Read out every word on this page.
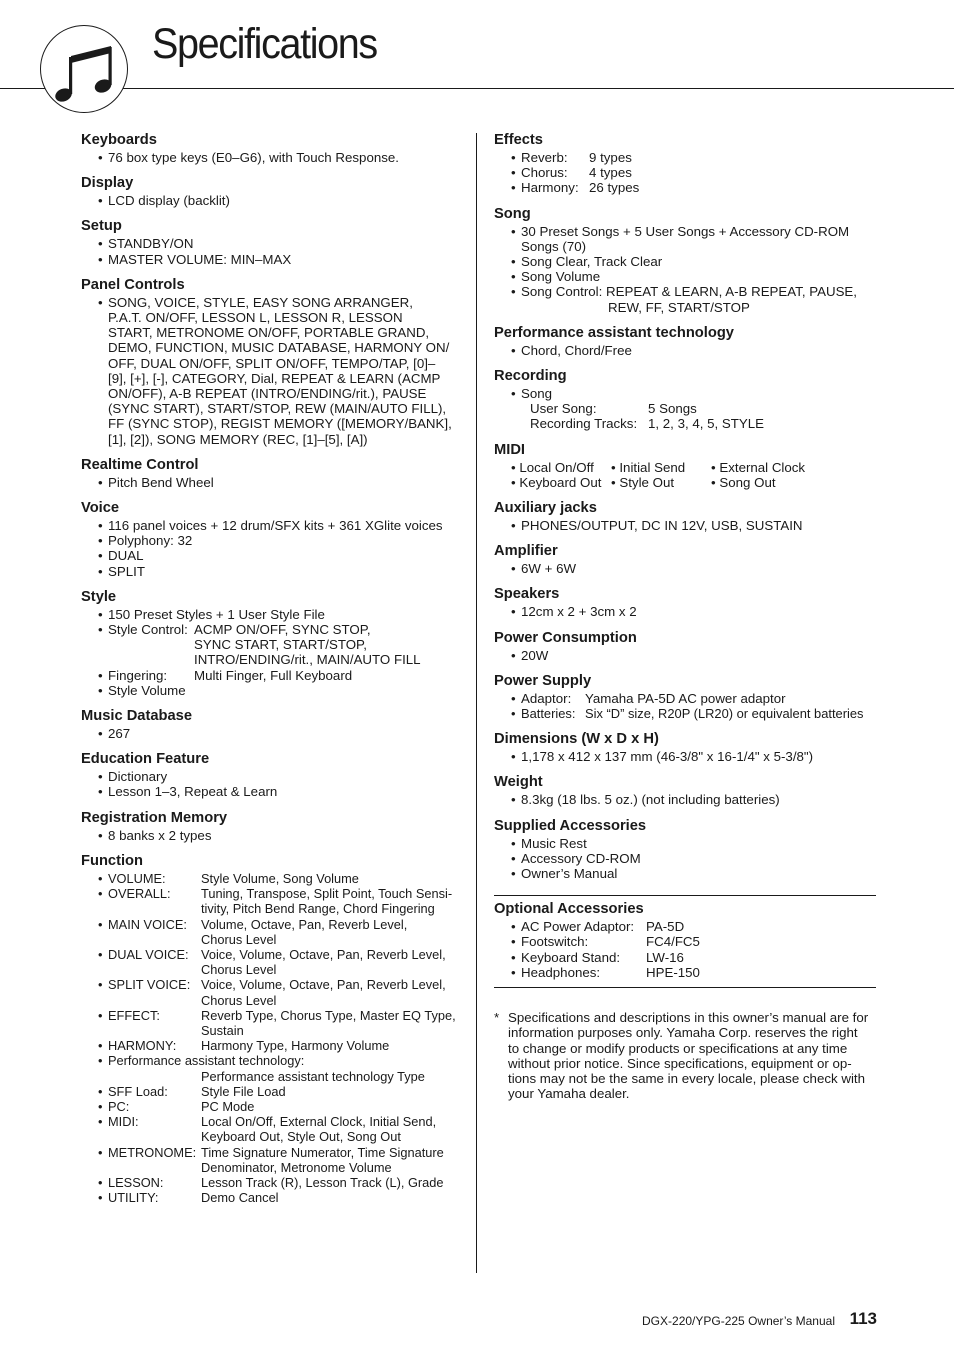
Specifications
Keyboards
•
76 box type keys (E0–G6), with Touch Response.
Display
•
LCD display (backlit)
Setup
•
STANDBY/ON
•
MASTER VOLUME: MIN–MAX
Panel Controls
•
SONG, VOICE, STYLE, EASY SONG ARRANGER,
P.A.T. ON/OFF, LESSON L, LESSON R, LESSON
START, METRONOME ON/OFF, PORTABLE GRAND,
DEMO, FUNCTION, MUSIC DATABASE, HARMONY ON/
OFF, DUAL ON/OFF, SPLIT ON/OFF, TEMPO/TAP, [0]–
[9], [+], [-], CATEGORY, Dial, REPEAT & LEARN (ACMP
ON/OFF), A-B REPEAT (INTRO/ENDING/rit.), PAUSE
(SYNC START), START/STOP, REW (MAIN/AUTO FILL),
FF (SYNC STOP), REGIST MEMORY ([MEMORY/BANK],
[1], [2]), SONG MEMORY (REC, [1]–[5], [A])
Realtime Control
•
Pitch Bend Wheel
Voice
•
116 panel voices + 12 drum/SFX kits + 361 XGlite voices
•
Polyphony: 32
•
DUAL
•
SPLIT
Style
•
150 Preset Styles + 1 User Style File
•
Style Control: ACMP ON/OFF, SYNC STOP,
SYNC START, START/STOP,
INTRO/ENDING/rit., MAIN/AUTO FILL
•
Fingering:	Multi Finger, Full Keyboard
•
Style Volume
Music Database
•
267
Education Feature
•
Dictionary
•
Lesson 1–3, Repeat & Learn
Registration Memory
•
8 banks x 2 types
Function
•
VOLUME:	Style Volume, Song Volume
•
OVERALL:	Tuning, Transpose, Split Point, Touch Sensi-
tivity, Pitch Bend Range, Chord Fingering
•
MAIN VOICE:	Volume, Octave, Pan, Reverb Level,
Chorus Level
•
DUAL VOICE: Voice, Volume, Octave, Pan, Reverb Level,
Chorus Level
•
SPLIT VOICE: Voice, Volume, Octave, Pan, Reverb Level,
Chorus Level
•
EFFECT:	Reverb Type, Chorus Type, Master EQ Type,
Sustain
•
HARMONY:	Harmony Type, Harmony Volume
•
Performance assistant technology:
Performance assistant technology Type
•
SFF Load:	Style File Load
•
PC:	PC Mode
•
MIDI:	Local On/Off, External Clock, Initial Send,
Keyboard Out, Style Out, Song Out
•
METRONOME: Time Signature Numerator, Time Signature
Denominator, Metronome Volume
•
LESSON:	Lesson Track (R), Lesson Track (L), Grade
•
UTILITY:	Demo Cancel
Effects
•
Reverb:	9 types
•
Chorus:	4 types
•
Harmony: 26 types
Song
•
30 Preset Songs + 5 User Songs + Accessory CD-ROM
Songs (70)
•
Song Clear, Track Clear
•
Song Volume
•
Song Control: REPEAT & LEARN, A-B REPEAT, PAUSE,
REW, FF, START/STOP
Performance assistant technology
•
Chord, Chord/Free
Recording
•
Song
User Song:	5 Songs
Recording Tracks: 1, 2, 3, 4, 5, STYLE
MIDI
• Local On/Off	• Initial Send	• External Clock
• Keyboard Out	• Style Out	• Song Out
Auxiliary jacks
•
PHONES/OUTPUT, DC IN 12V, USB, SUSTAIN
Amplifier
•
6W + 6W
Speakers
•
12cm x 2 + 3cm x 2
Power Consumption
•
20W
Power Supply
•
Adaptor:	Yamaha PA-5D AC power adaptor
•
Batteries: Six “D” size, R20P (LR20) or equivalent batteries
Dimensions (W x D x H)
•
1,178 x 412 x 137 mm (46-3/8" x 16-1/4" x 5-3/8")
Weight
•
8.3kg (18 lbs. 5 oz.) (not including batteries)
Supplied Accessories
•
Music Rest
•
Accessory CD-ROM
•
Owner’s Manual
Optional Accessories
•
AC Power Adaptor: PA-5D
•
Footswitch:	FC4/FC5
•
Keyboard Stand:	LW-16
•
Headphones:	HPE-150
* Specifications and descriptions in this owner’s manual are for
information purposes only. Yamaha Corp. reserves the right
to change or modify products or specifications at any time
without prior notice. Since specifications, equipment or op-
tions may not be the same in every locale, please check with
your Yamaha dealer.
DGX-220/YPG-225 Owner’s Manual 113
